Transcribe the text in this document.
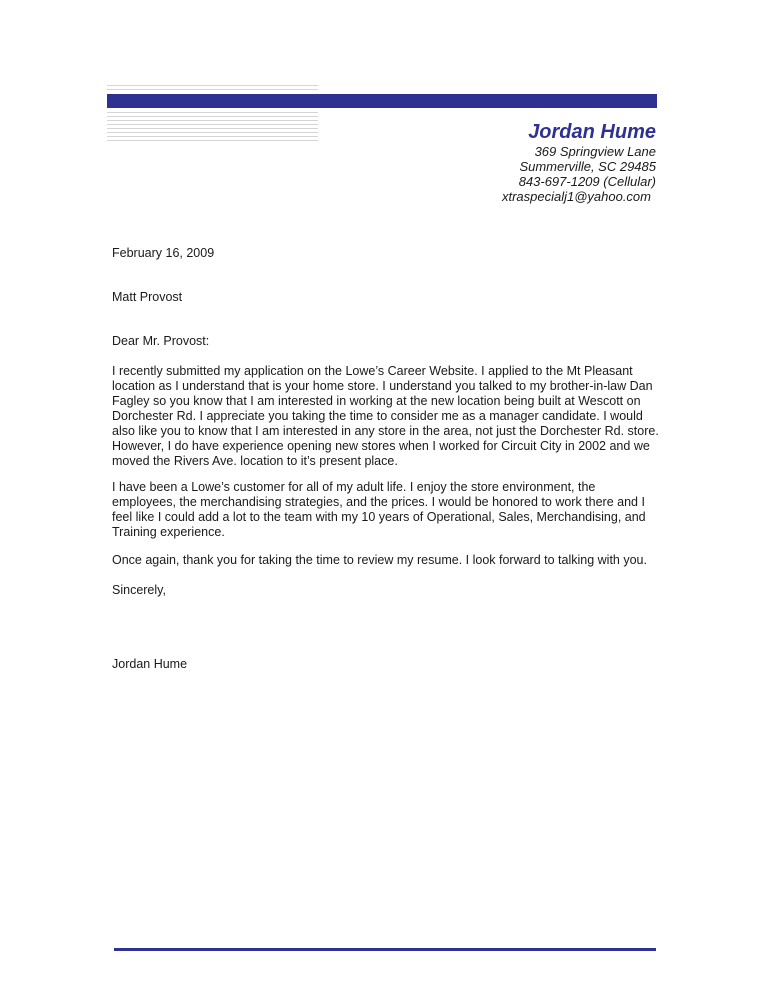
Jordan Hume
369 Springview Lane
Summerville, SC 29485
843-697-1209 (Cellular)
xtraspecialj1@yahoo.com
February 16, 2009
Matt Provost
Dear Mr. Provost:
I recently submitted my application on the Lowe’s Career Website. I applied to the Mt Pleasant location as I understand that is your home store. I understand you talked to my brother-in-law Dan Fagley so you know that I am interested in working at the new location being built at Wescott on Dorchester Rd. I appreciate you taking the time to consider me as a manager candidate. I would also like you to know that I am interested in any store in the area, not just the Dorchester Rd. store. However, I do have experience opening new stores when I worked for Circuit City in 2002 and we moved the Rivers Ave. location to it’s present place.
I have been a Lowe’s customer for all of my adult life. I enjoy the store environment, the employees, the merchandising strategies, and the prices. I would be honored to work there and I feel like I could add a lot to the team with my 10 years of Operational, Sales, Merchandising, and Training experience.
Once again, thank you for taking the time to review my resume. I look forward to talking with you.
Sincerely,
Jordan Hume
